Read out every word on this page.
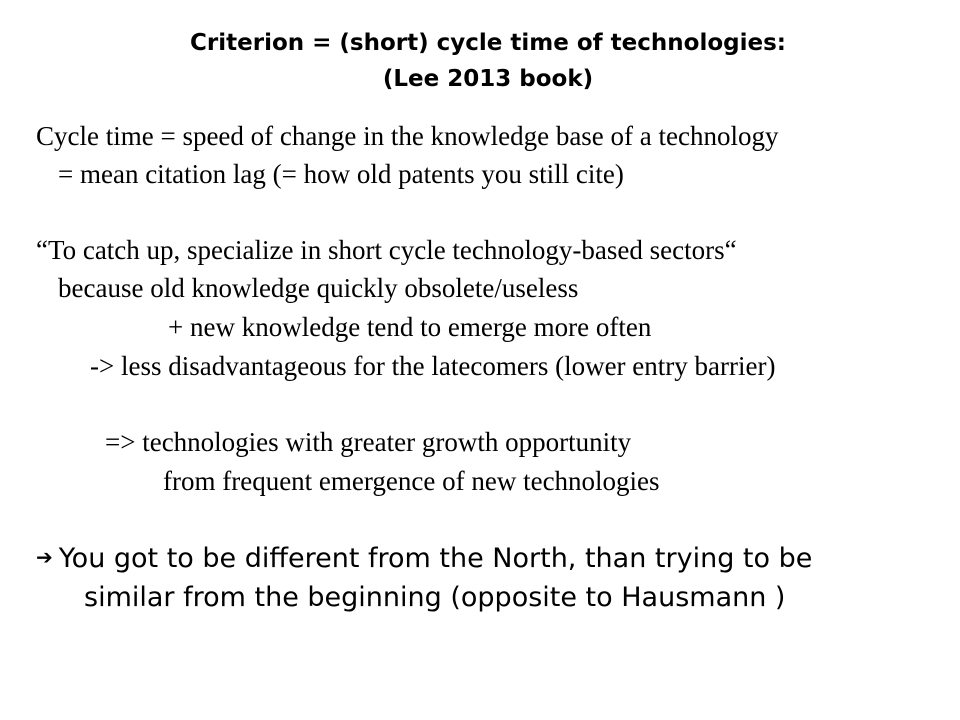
Criterion = (short) cycle time of technologies:
(Lee 2013 book)
Cycle time = speed of change in the knowledge base of a technology
= mean citation lag (= how old patents you still cite)
“To catch up, specialize in short cycle technology-based sectors“
because old knowledge quickly obsolete/useless
+ new knowledge tend to emerge more often
-> less disadvantageous for the latecomers (lower entry barrier)
=> technologies with greater growth opportunity
from frequent emergence of new technologies
➔ You got to be different from the North, than trying to be
similar from the beginning (opposite to Hausmann )
